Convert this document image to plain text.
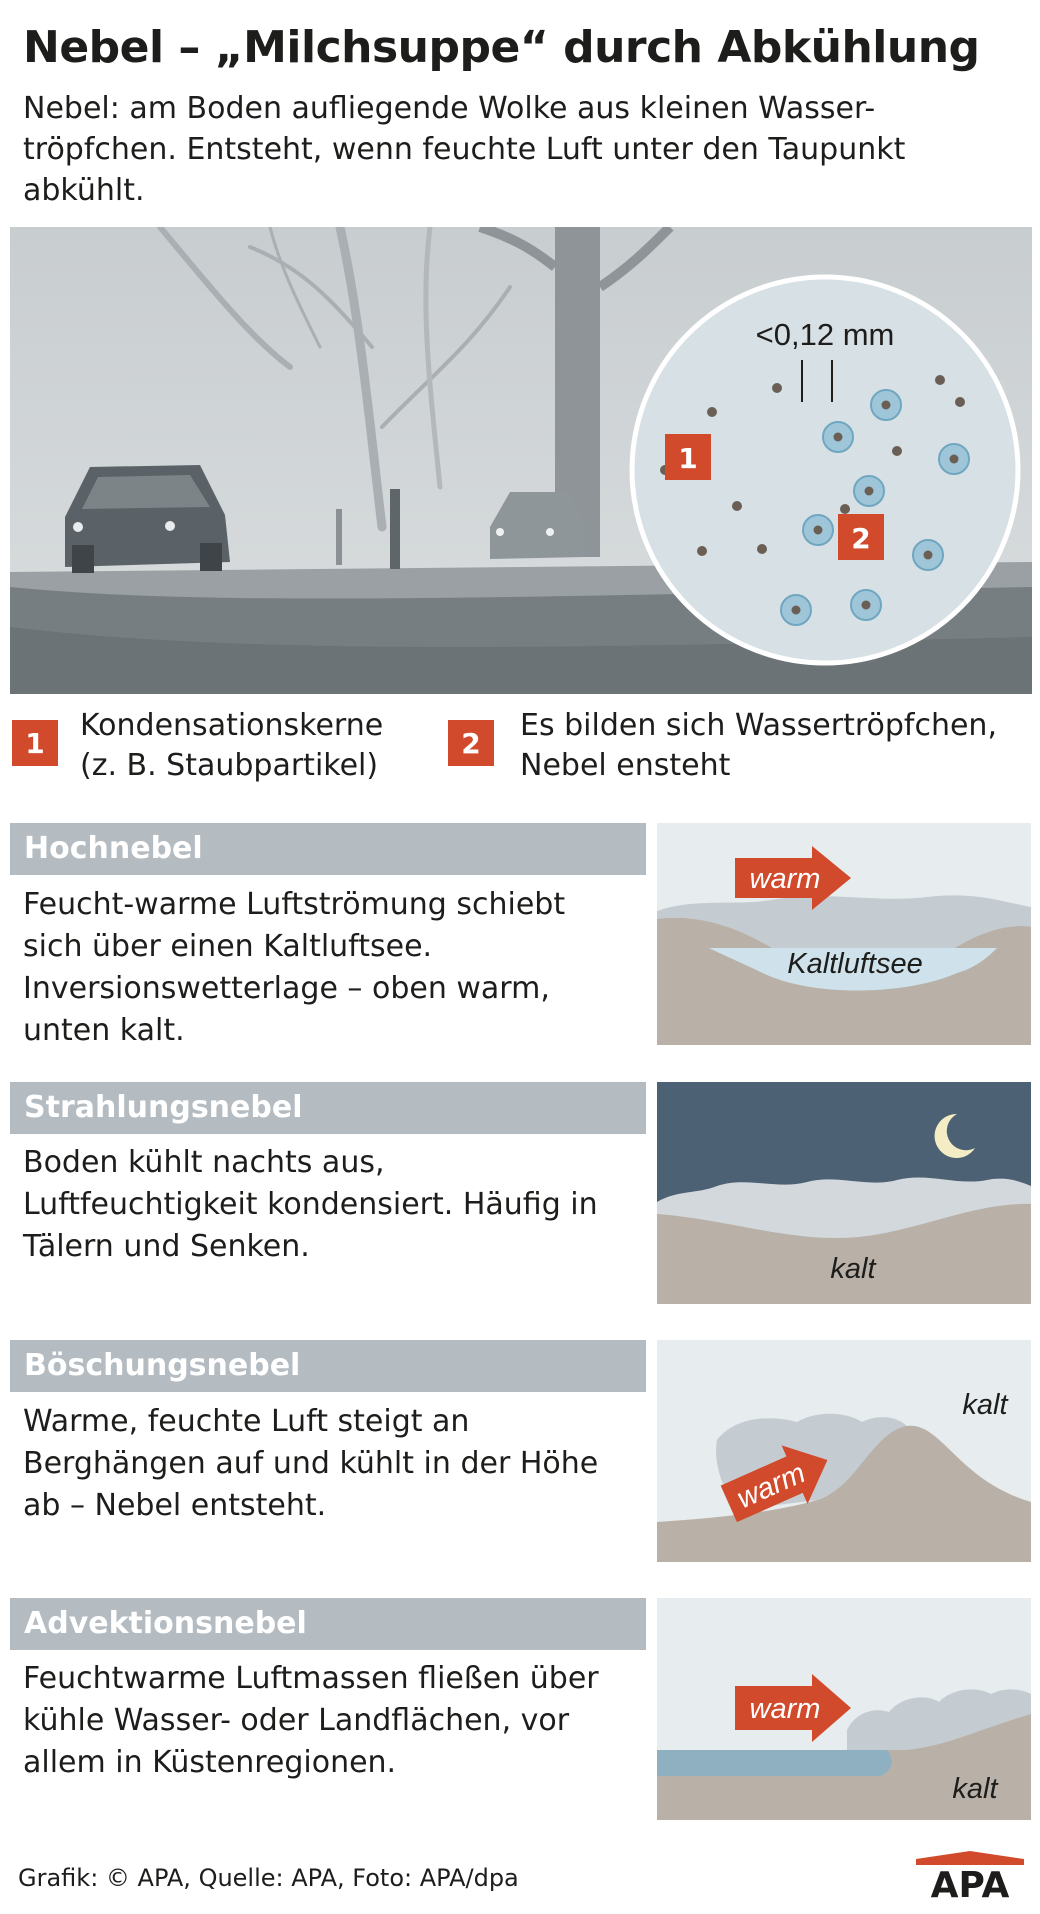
Nebel – „Milchsuppe“ durch Abkühlung
Nebel: am Boden aufliegende Wolke aus kleinen Wasser-
tröpfchen. Entsteht, wenn feuchte Luft unter den Taupunkt
abkühlt.
<0,12 mm
1
2
1	Kondensationskerne
(z. B. Staubpartikel)
2	Es bilden sich Wassertröpfchen,
Nebel ensteht
Hochnebel
Feucht-warme Luftströmung schiebt
sich über einen Kaltluftsee.
Inversionswetterlage – oben warm,
unten kalt.
warm
Kaltluftsee
Strahlungsnebel
Boden kühlt nachts aus,
Luftfeuchtigkeit kondensiert. Häufig in
Tälern und Senken.
kalt
Böschungsnebel
Warme, feuchte Luft steigt an
Berghängen auf und kühlt in der Höhe
ab – Nebel entsteht.	warm
kalt
Advektionsnebel
Feuchtwarme Luftmassen fließen über
kühle Wasser- oder Landflächen, vor
allem in Küstenregionen.
warm
kalt
Grafik: © APA, Quelle: APA, Foto: APA/dpa	APA
